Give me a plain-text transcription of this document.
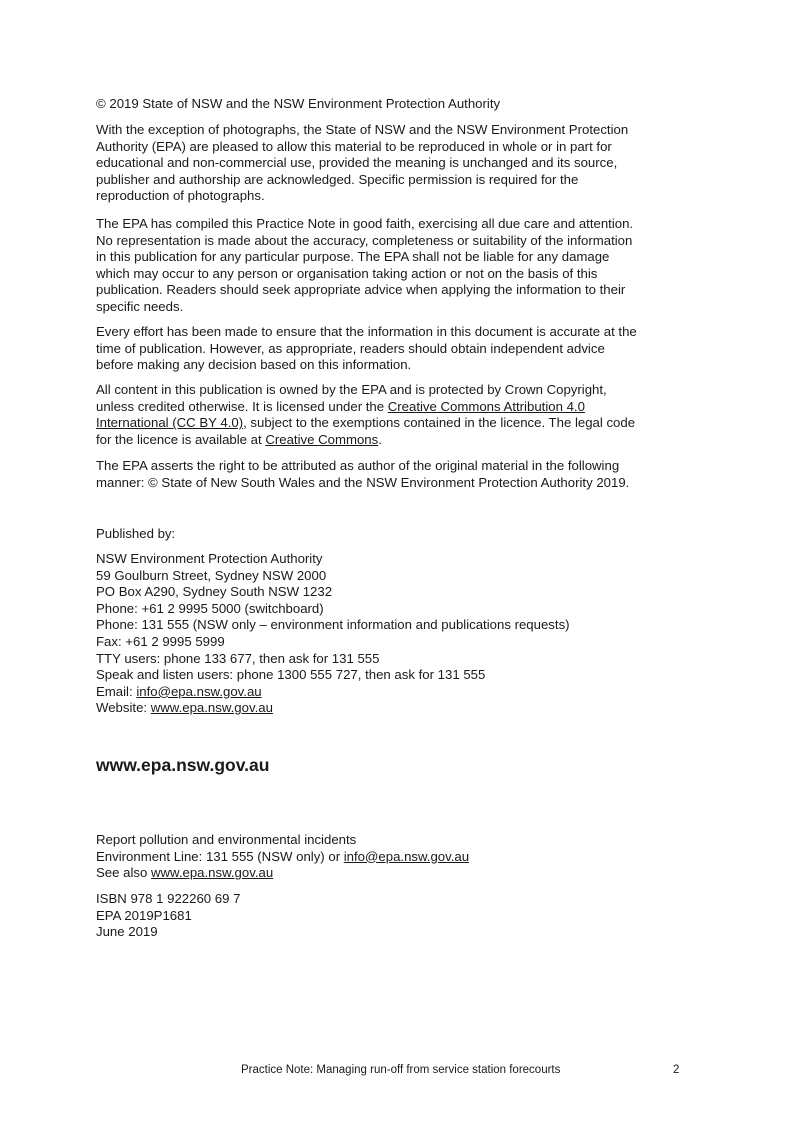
© 2019 State of NSW and the NSW Environment Protection Authority

With the exception of photographs, the State of NSW and the NSW Environment Protection
Authority (EPA) are pleased to allow this material to be reproduced in whole or in part for
educational and non-commercial use, provided the meaning is unchanged and its source,
publisher and authorship are acknowledged. Specific permission is required for the
reproduction of photographs.

The EPA has compiled this Practice Note in good faith, exercising all due care and attention.
No representation is made about the accuracy, completeness or suitability of the information
in this publication for any particular purpose. The EPA shall not be liable for any damage
which may occur to any person or organisation taking action or not on the basis of this
publication. Readers should seek appropriate advice when applying the information to their
specific needs.

Every effort has been made to ensure that the information in this document is accurate at the
time of publication. However, as appropriate, readers should obtain independent advice
before making any decision based on this information.

All content in this publication is owned by the EPA and is protected by Crown Copyright,
unless credited otherwise. It is licensed under the Creative Commons Attribution 4.0
International (CC BY 4.0), subject to the exemptions contained in the licence. The legal code
for the licence is available at Creative Commons.

The EPA asserts the right to be attributed as author of the original material in the following
manner: © State of New South Wales and the NSW Environment Protection Authority 2019.

Published by:

NSW Environment Protection Authority
59 Goulburn Street, Sydney NSW 2000
PO Box A290, Sydney South NSW 1232
Phone: +61 2 9995 5000 (switchboard)
Phone: 131 555 (NSW only – environment information and publications requests)
Fax: +61 2 9995 5999
TTY users: phone 133 677, then ask for 131 555
Speak and listen users: phone 1300 555 727, then ask for 131 555
Email: info@epa.nsw.gov.au
Website: www.epa.nsw.gov.au

www.epa.nsw.gov.au

Report pollution and environmental incidents
Environment Line: 131 555 (NSW only) or info@epa.nsw.gov.au
See also www.epa.nsw.gov.au

ISBN 978 1 922260 69 7
EPA 2019P1681
June 2019

Practice Note: Managing run-off from service station forecourts	2
